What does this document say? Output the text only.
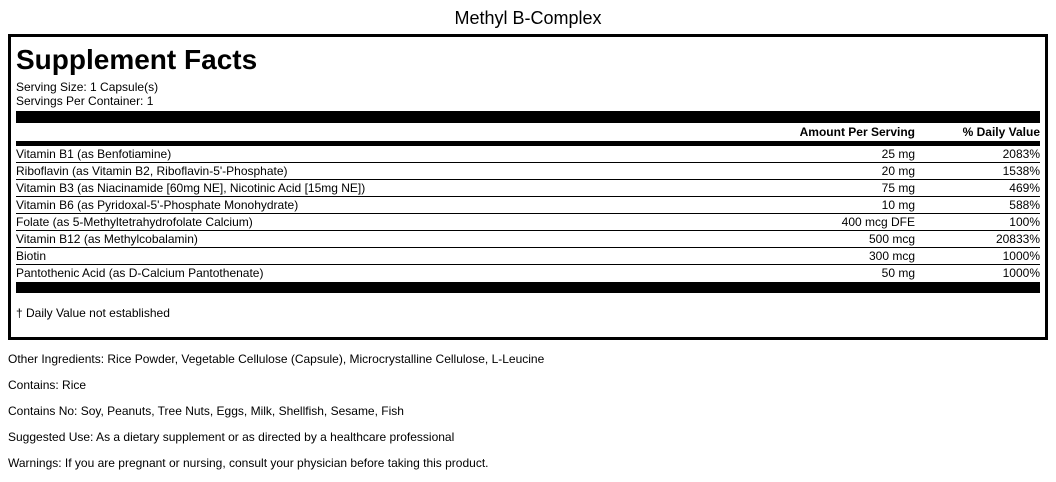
Methyl B-Complex
Supplement Facts
Serving Size: 1 Capsule(s)
Servings Per Container: 1
Amount Per Serving	% Daily Value
Vitamin B1 (as Benfotiamine)	25 mg	2083%
Riboflavin (as Vitamin B2, Riboflavin-5'-Phosphate)	20 mg	1538%
Vitamin B3 (as Niacinamide [60mg NE], Nicotinic Acid [15mg NE])	75 mg	469%
Vitamin B6 (as Pyridoxal-5'-Phosphate Monohydrate)	10 mg	588%
Folate (as 5-Methyltetrahydrofolate Calcium)	400 mcg DFE	100%
Vitamin B12 (as Methylcobalamin)	500 mcg	20833%
Biotin	300 mcg	1000%
Pantothenic Acid (as D-Calcium Pantothenate)	50 mg	1000%
† Daily Value not established
Other Ingredients: Rice Powder, Vegetable Cellulose (Capsule), Microcrystalline Cellulose, L-Leucine
Contains: Rice
Contains No: Soy, Peanuts, Tree Nuts, Eggs, Milk, Shellfish, Sesame, Fish
Suggested Use: As a dietary supplement or as directed by a healthcare professional
Warnings: If you are pregnant or nursing, consult your physician before taking this product.
